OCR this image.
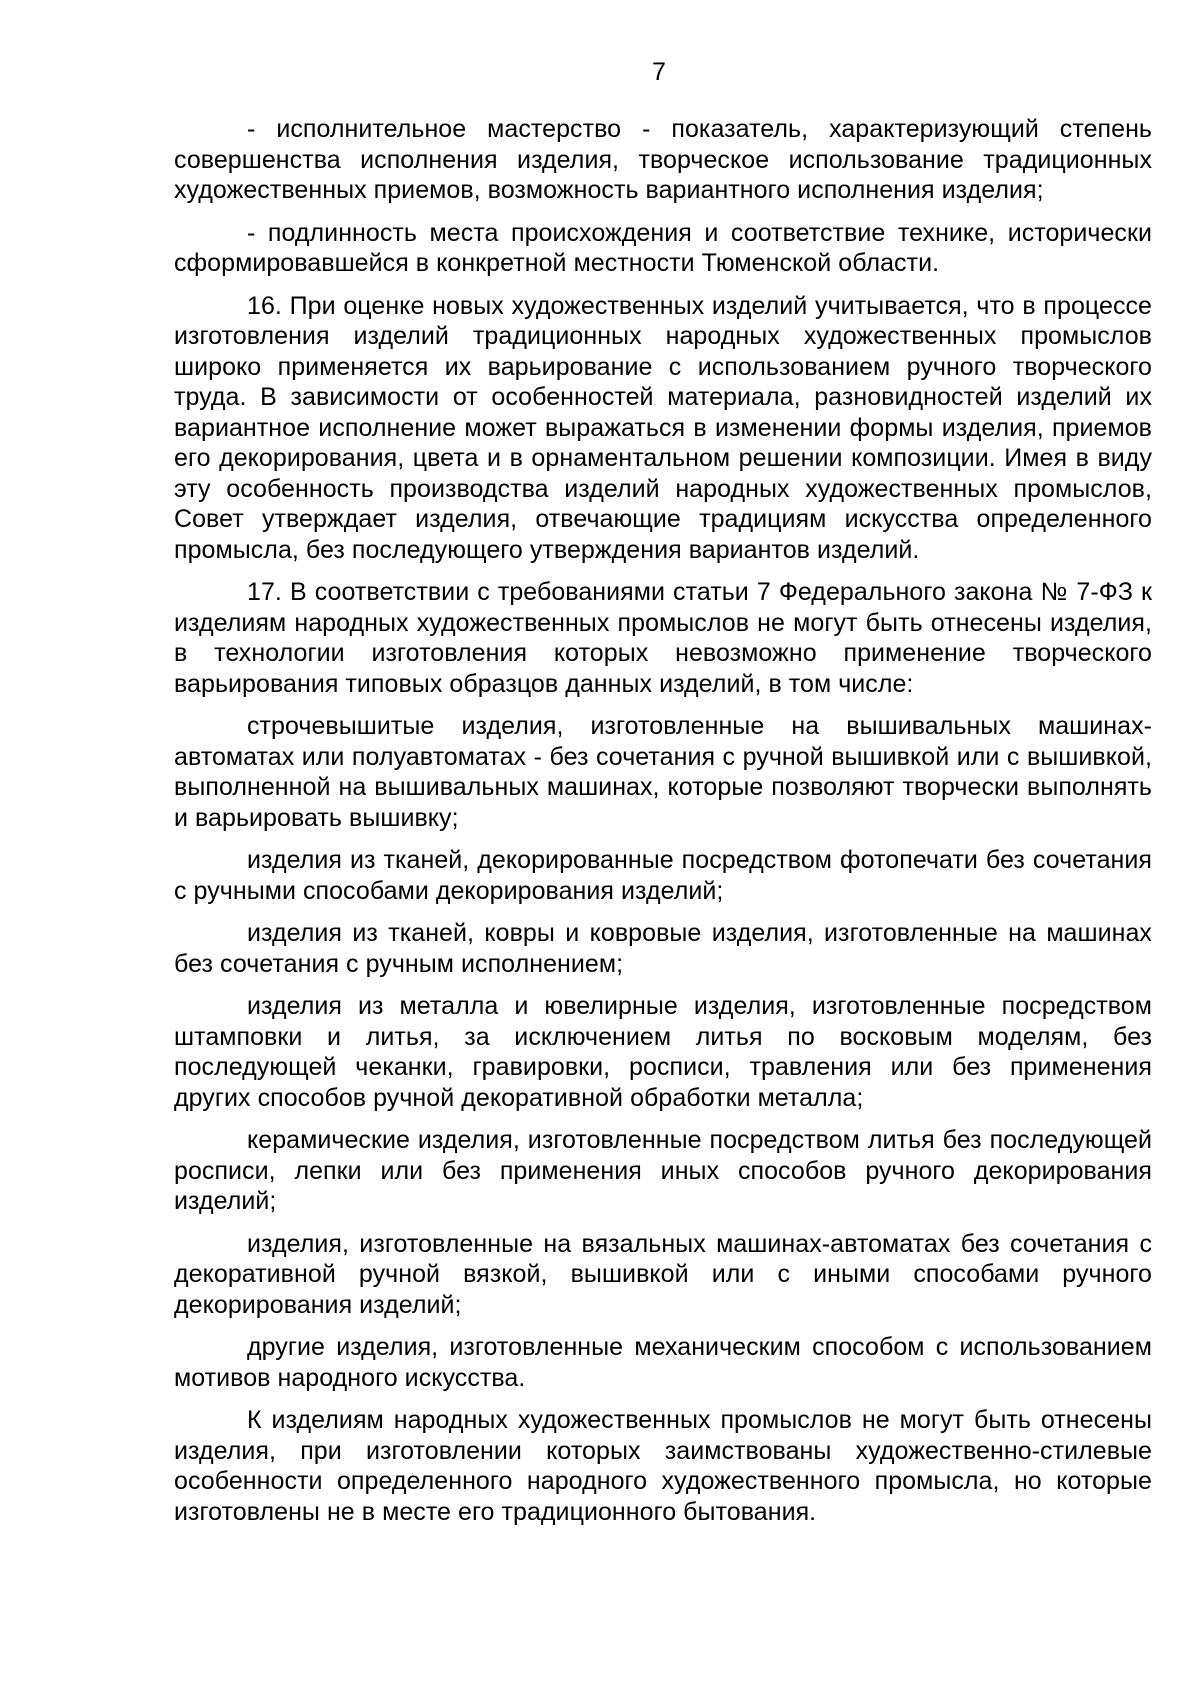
7

- исполнительное мастерство - показатель, характеризующий степень совершенства исполнения изделия, творческое использование традиционных художественных приемов, возможность вариантного исполнения изделия;

- подлинность места происхождения и соответствие технике, исторически сформировавшейся в конкретной местности Тюменской области.

16. При оценке новых художественных изделий учитывается, что в процессе изготовления изделий традиционных народных художественных промыслов широко применяется их варьирование с использованием ручного творческого труда. В зависимости от особенностей материала, разновидностей изделий их вариантное исполнение может выражаться в изменении формы изделия, приемов его декорирования, цвета и в орнаментальном решении композиции. Имея в виду эту особенность производства изделий народных художественных промыслов, Совет утверждает изделия, отвечающие традициям искусства определенного промысла, без последующего утверждения вариантов изделий.

17. В соответствии с требованиями статьи 7 Федерального закона № 7-ФЗ к изделиям народных художественных промыслов не могут быть отнесены изделия, в технологии изготовления которых невозможно применение творческого варьирования типовых образцов данных изделий, в том числе:

строчевышитые изделия, изготовленные на вышивальных машинах-автоматах или полуавтоматах - без сочетания с ручной вышивкой или с вышивкой, выполненной на вышивальных машинах, которые позволяют творчески выполнять и варьировать вышивку;

изделия из тканей, декорированные посредством фотопечати без сочетания с ручными способами декорирования изделий;

изделия из тканей, ковры и ковровые изделия, изготовленные на машинах без сочетания с ручным исполнением;

изделия из металла и ювелирные изделия, изготовленные посредством штамповки и литья, за исключением литья по восковым моделям, без последующей чеканки, гравировки, росписи, травления или без применения других способов ручной декоративной обработки металла;

керамические изделия, изготовленные посредством литья без последующей росписи, лепки или без применения иных способов ручного декорирования изделий;

изделия, изготовленные на вязальных машинах-автоматах без сочетания с декоративной ручной вязкой, вышивкой или с иными способами ручного декорирования изделий;

другие изделия, изготовленные механическим способом с использованием мотивов народного искусства.

К изделиям народных художественных промыслов не могут быть отнесены изделия, при изготовлении которых заимствованы художественно-стилевые особенности определенного народного художественного промысла, но которые изготовлены не в месте его традиционного бытования.
